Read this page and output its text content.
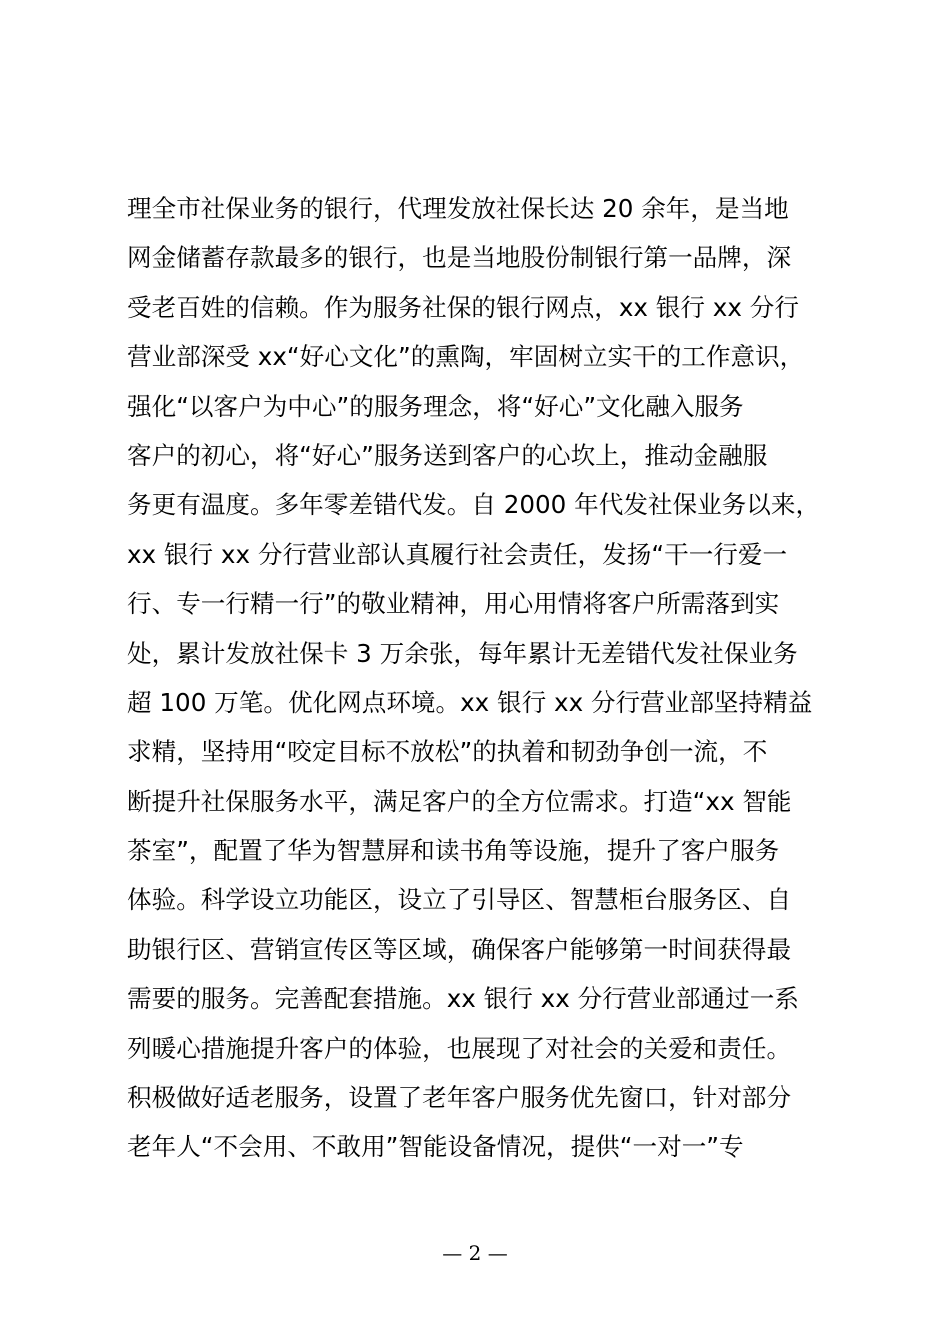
理全市社保业务的银行，代理发放社保长达 20 余年，是当地
网金储蓄存款最多的银行，也是当地股份制银行第一品牌，深
受老百姓的信赖。作为服务社保的银行网点，xx 银行 xx 分行
营业部深受 xx“好心文化”的熏陶，牢固树立实干的工作意识，
强化“以客户为中心”的服务理念，将“好心”文化融入服务
客户的初心，将“好心”服务送到客户的心坎上，推动金融服
务更有温度。多年零差错代发。自 2000 年代发社保业务以来，
xx 银行 xx 分行营业部认真履行社会责任，发扬“干一行爱一
行、专一行精一行”的敬业精神，用心用情将客户所需落到实
处，累计发放社保卡 3 万余张，每年累计无差错代发社保业务
超 100 万笔。优化网点环境。xx 银行 xx 分行营业部坚持精益
求精，坚持用“咬定目标不放松”的执着和韧劲争创一流，不
断提升社保服务水平，满足客户的全方位需求。打造“xx 智能
茶室”，配置了华为智慧屏和读书角等设施，提升了客户服务
体验。科学设立功能区，设立了引导区、智慧柜台服务区、自
助银行区、营销宣传区等区域，确保客户能够第一时间获得最
需要的服务。完善配套措施。xx 银行 xx 分行营业部通过一系
列暖心措施提升客户的体验，也展现了对社会的关爱和责任。
积极做好适老服务，设置了老年客户服务优先窗口，针对部分
老年人“不会用、不敢用”智能设备情况，提供“一对一”专
— 2 —
